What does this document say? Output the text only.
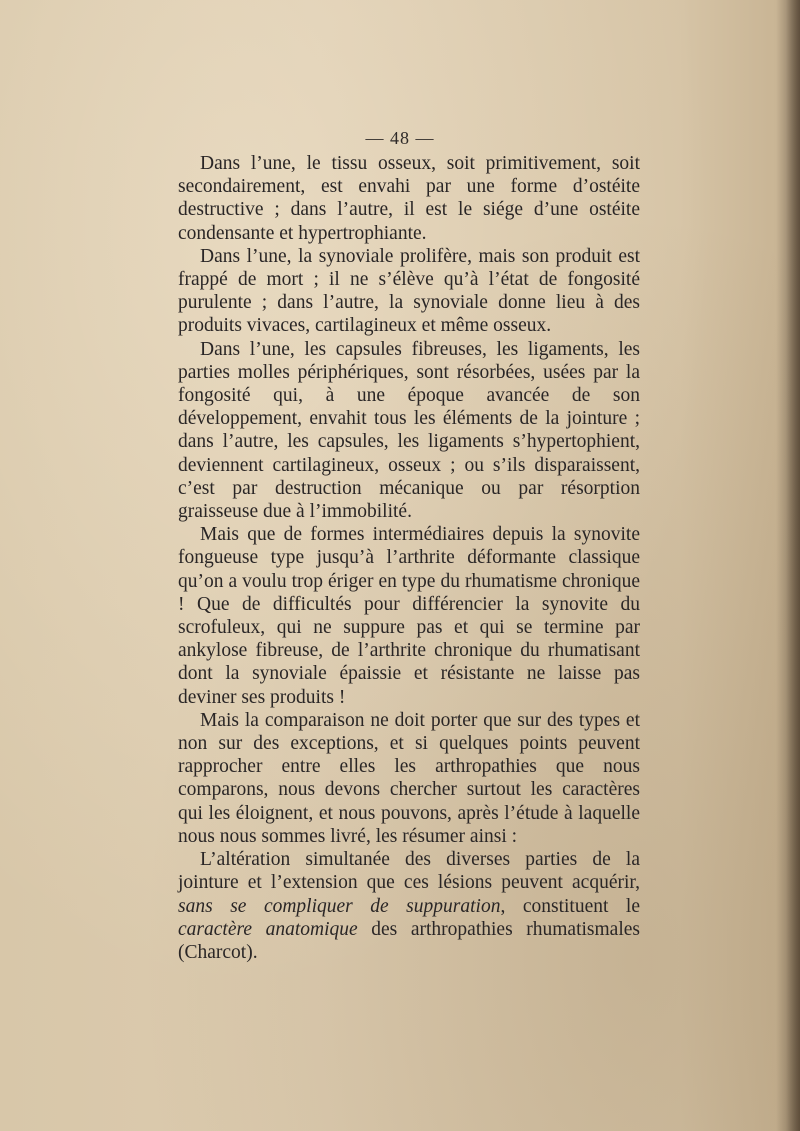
— 48 —

Dans l’une, le tissu osseux, soit primitivement, soit secondairement, est envahi par une forme d’ostéite destructive ; dans l’autre, il est le siége d’une ostéite condensante et hypertrophiante.

Dans l’une, la synoviale prolifère, mais son produit est frappé de mort ; il ne s’élève qu’à l’état de fongosité purulente ; dans l’autre, la synoviale donne lieu à des produits vivaces, cartilagineux et même osseux.

Dans l’une, les capsules fibreuses, les ligaments, les parties molles périphériques, sont résorbées, usées par la fongosité qui, à une époque avancée de son développement, envahit tous les éléments de la jointure ; dans l’autre, les capsules, les ligaments s’hypertophient, deviennent cartilagineux, osseux ; ou s’ils disparaissent, c’est par destruction mécanique ou par résorption graisseuse due à l’immobilité.

Mais que de formes intermédiaires depuis la synovite fongueuse type jusqu’à l’arthrite déformante classique qu’on a voulu trop ériger en type du rhumatisme chronique ! Que de difficultés pour différencier la synovite du scrofuleux, qui ne suppure pas et qui se termine par ankylose fibreuse, de l’arthrite chronique du rhumatisant dont la synoviale épaissie et résistante ne laisse pas deviner ses produits !

Mais la comparaison ne doit porter que sur des types et non sur des exceptions, et si quelques points peuvent rapprocher entre elles les arthropathies que nous comparons, nous devons chercher surtout les caractères qui les éloignent, et nous pouvons, après l’étude à laquelle nous nous sommes livré, les résumer ainsi :

L’altération simultanée des diverses parties de la jointure et l’extension que ces lésions peuvent acquérir, sans se compliquer de suppuration, constituent le caractère anatomique des arthropathies rhumatismales (Charcot).
